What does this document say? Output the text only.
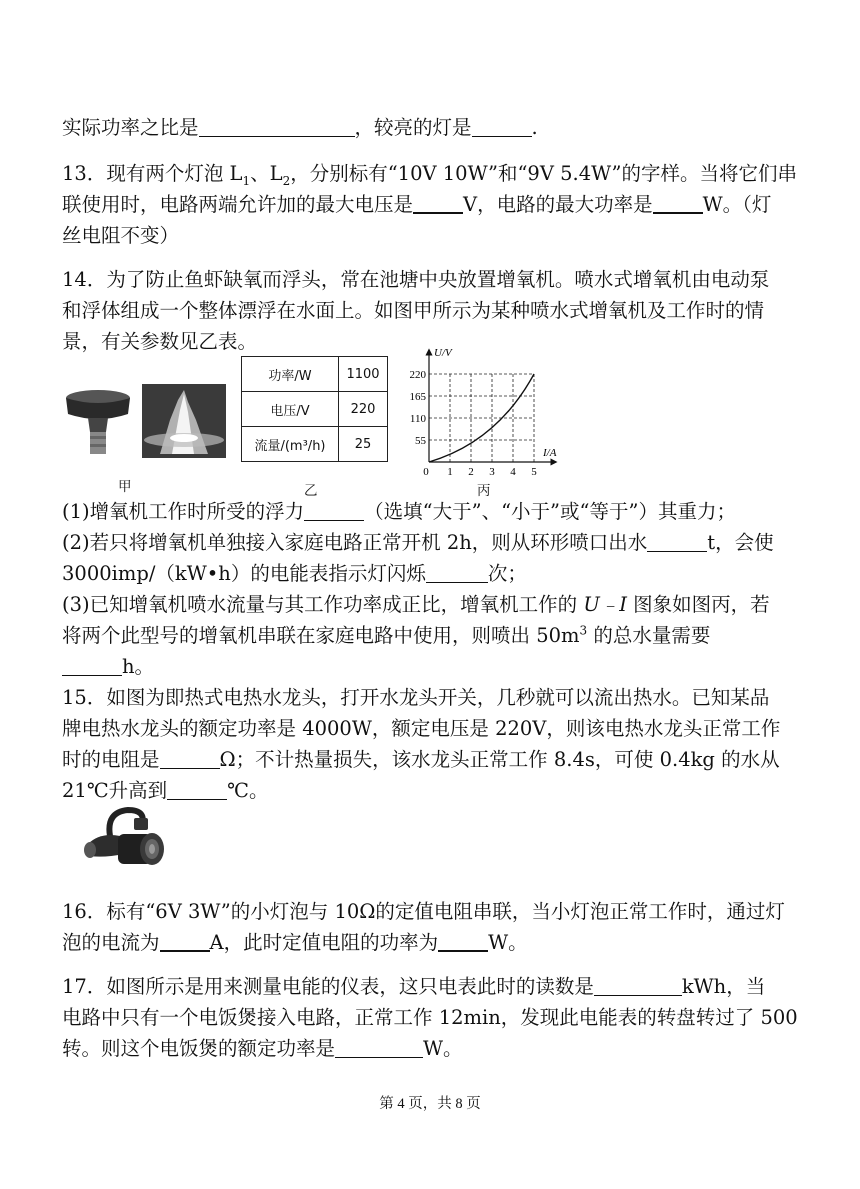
实际功率之比是	，较亮的灯是	.
13．现有两个灯泡 $L_1$、$L_2$，分别标有“10V 10W”和“9V 5.4W”的字样。当将它们串
联使用时，电路两端允许加的最大电压是	V，电路的最大功率是	W。（灯
丝电阻不变）
14．为了防止鱼虾缺氧而浮头，常在池塘中央放置增氧机。喷水式增氧机由电动泵
和浮体组成一个整体漂浮在水面上。如图甲所示为某种喷水式增氧机及工作时的情
景，有关参数见乙表。
功率/W	1100
电压/V	220
流量/(m³/h)	25
U/V
I/A
220
165
110
55
0 1 2 3 4 5
甲	乙	丙
(1)增氧机工作时所受的浮力	（选填“大于”、“小于”或“等于”）其重力；
(2)若只将增氧机单独接入家庭电路正常开机 2h，则从环形喷口出水	t，会使
3000imp/（kW•h）的电能表指示灯闪烁	次；
(3)已知增氧机喷水流量与其工作功率成正比，增氧机工作的 U﹣I 图象如图丙，若
将两个此型号的增氧机串联在家庭电路中使用，则喷出 $50m^3$ 的总水量需要
h。
15．如图为即热式电热水龙头，打开水龙头开关，几秒就可以流出热水。已知某品
牌电热水龙头的额定功率是 4000W，额定电压是 220V，则该电热水龙头正常工作
时的电阻是	Ω；不计热量损失，该水龙头正常工作 8.4s，可使 0.4kg 的水从
21℃升高到	℃。
16．标有“6V 3W”的小灯泡与 10Ω的定值电阻串联，当小灯泡正常工作时，通过灯
泡的电流为	A，此时定值电阻的功率为	W。
17．如图所示是用来测量电能的仪表，这只电表此时的读数是	kWh，当
电路中只有一个电饭煲接入电路，正常工作 12min，发现此电能表的转盘转过了 500
转。则这个电饭煲的额定功率是	W。
第 4 页，共 8 页
